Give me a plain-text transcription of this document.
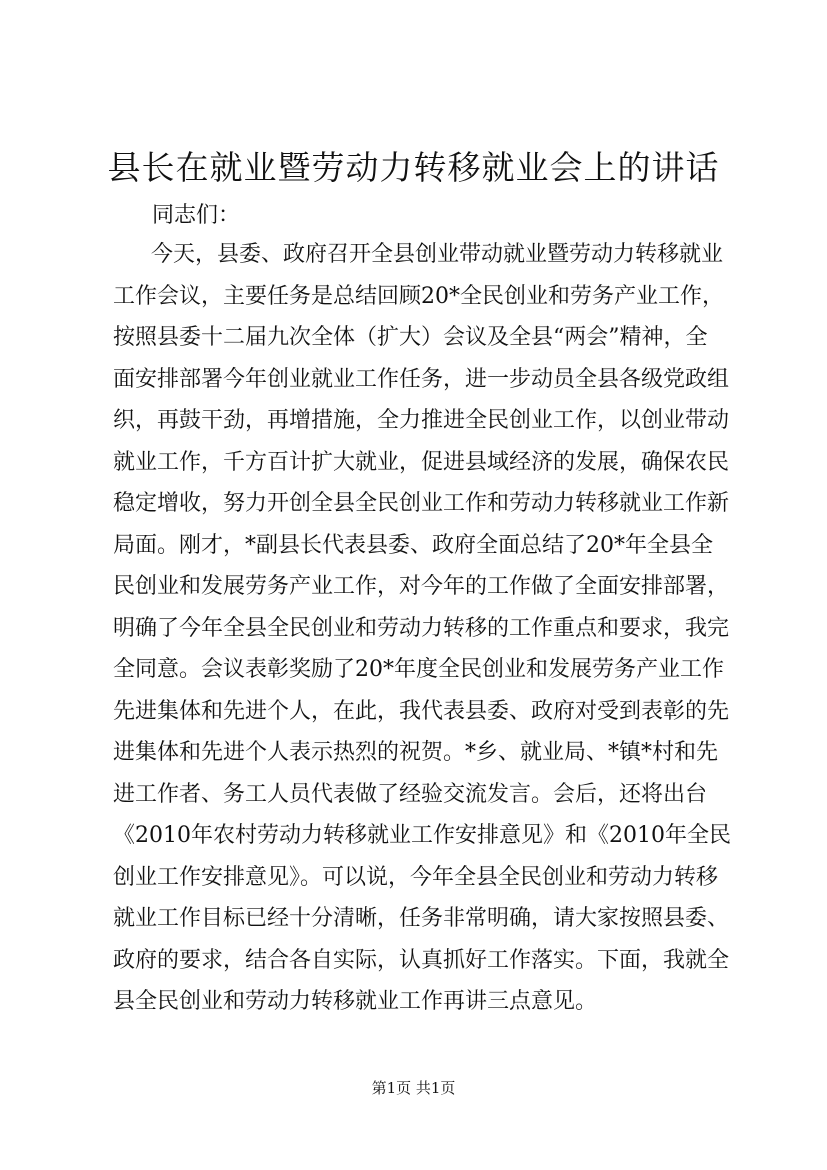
县长在就业暨劳动力转移就业会上的讲话

同志们：

今天，县委、政府召开全县创业带动就业暨劳动力转移就业
工作会议，主要任务是总结回顾20*全民创业和劳务产业工作，
按照县委十二届九次全体（扩大）会议及全县“两会”精神，全
面安排部署今年创业就业工作任务，进一步动员全县各级党政组
织，再鼓干劲，再增措施，全力推进全民创业工作，以创业带动
就业工作，千方百计扩大就业，促进县域经济的发展，确保农民
稳定增收，努力开创全县全民创业工作和劳动力转移就业工作新
局面。刚才，*副县长代表县委、政府全面总结了20*年全县全
民创业和发展劳务产业工作，对今年的工作做了全面安排部署，
明确了今年全县全民创业和劳动力转移的工作重点和要求，我完
全同意。会议表彰奖励了20*年度全民创业和发展劳务产业工作
先进集体和先进个人，在此，我代表县委、政府对受到表彰的先
进集体和先进个人表示热烈的祝贺。*乡、就业局、*镇*村和先
进工作者、务工人员代表做了经验交流发言。会后，还将出台
《2010年农村劳动力转移就业工作安排意见》和《2010年全民
创业工作安排意见》。可以说，今年全县全民创业和劳动力转移
就业工作目标已经十分清晰，任务非常明确，请大家按照县委、
政府的要求，结合各自实际，认真抓好工作落实。下面，我就全
县全民创业和劳动力转移就业工作再讲三点意见。

第1页 共1页
